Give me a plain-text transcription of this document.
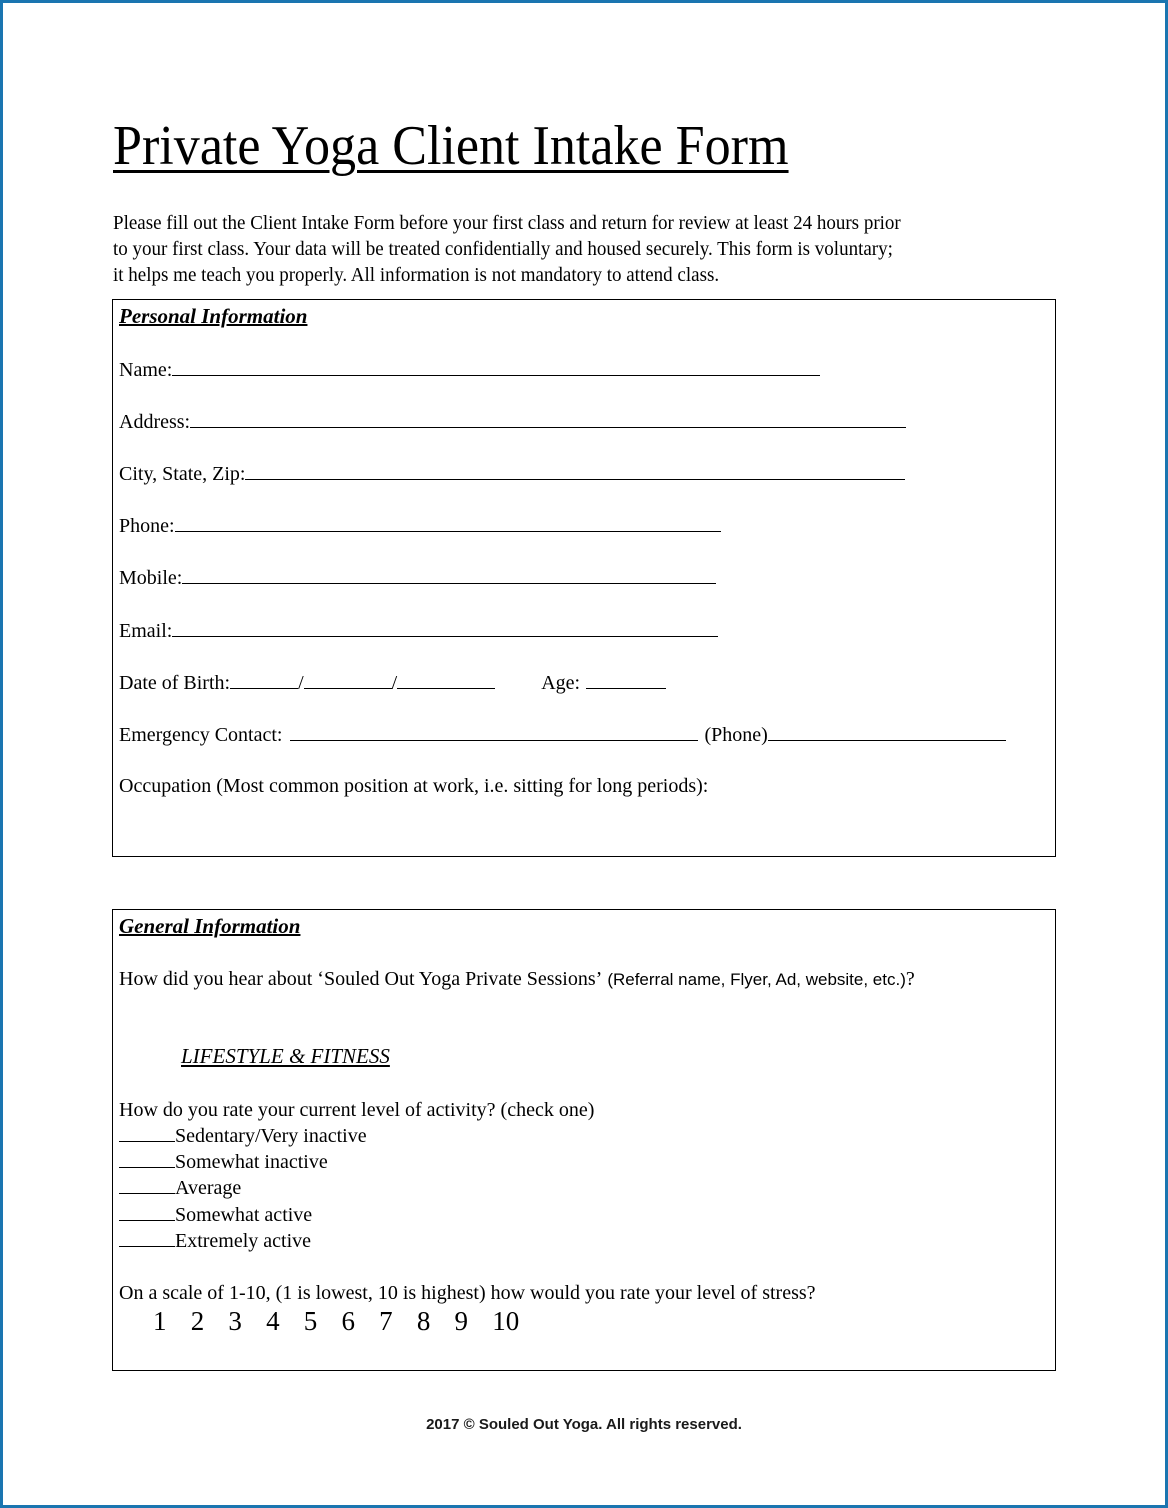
Private Yoga Client Intake Form
Please fill out the Client Intake Form before your first class and return for review at least 24 hours prior
to your first class. Your data will be treated confidentially and housed securely. This form is voluntary;
it helps me teach you properly. All information is not mandatory to attend class.
Personal Information
Name:
Address:
City, State, Zip:
Phone:
Mobile:
Email:
Date of Birth:	/	/	Age:
Emergency Contact:	(Phone)
Occupation (Most common position at work, i.e. sitting for long periods):
General Information
How did you hear about ‘Souled Out Yoga Private Sessions’ (Referral name, Flyer, Ad, website, etc.) ?
LIFESTYLE & FITNESS
How do you rate your current level of activity? (check one)
Sedentary/Very inactive
Somewhat inactive
Average
Somewhat active
Extremely active
On a scale of 1-10, (1 is lowest, 10 is highest) how would you rate your level of stress?
1 2 3 4 5 6 7 8 9 10
2017 © Souled Out Yoga. All rights reserved.
